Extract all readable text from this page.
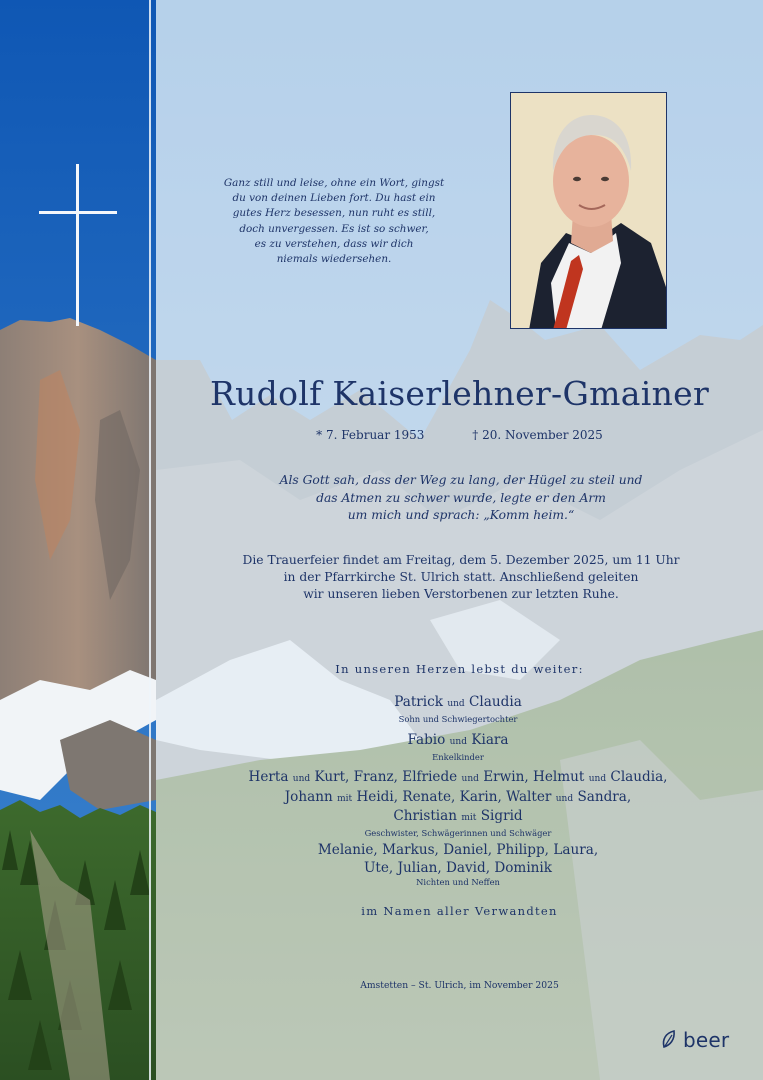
Ganz still und leise, ohne ein Wort, gingst
du von deinen Lieben fort. Du hast ein
gutes Herz besessen, nun ruht es still,
doch unvergessen. Es ist so schwer,
es zu verstehen, dass wir dich
niemals wiedersehen.
Rudolf Kaiserlehner-Gmainer
* 7. Februar 1953	† 20. November 2025
Als Gott sah, dass der Weg zu lang, der Hügel zu steil und
das Atmen zu schwer wurde, legte er den Arm
um mich und sprach: „Komm heim.“
Die Trauerfeier findet am Freitag, dem 5. Dezember 2025, um 11 Uhr
in der Pfarrkirche St. Ulrich statt. Anschließend geleiten
wir unseren lieben Verstorbenen zur letzten Ruhe.
In unseren Herzen lebst du weiter:
Patrick und Claudia
Sohn und Schwiegertochter
Fabio und Kiara
Enkelkinder
Herta und Kurt, Franz, Elfriede und Erwin, Helmut und Claudia,
Johann mit Heidi, Renate, Karin, Walter und Sandra,
Christian mit Sigrid
Geschwister, Schwägerinnen und Schwäger
Melanie, Markus, Daniel, Philipp, Laura,
Ute, Julian, David, Dominik
Nichten und Neffen
im Namen aller Verwandten
Amstetten – St. Ulrich, im November 2025
beer
